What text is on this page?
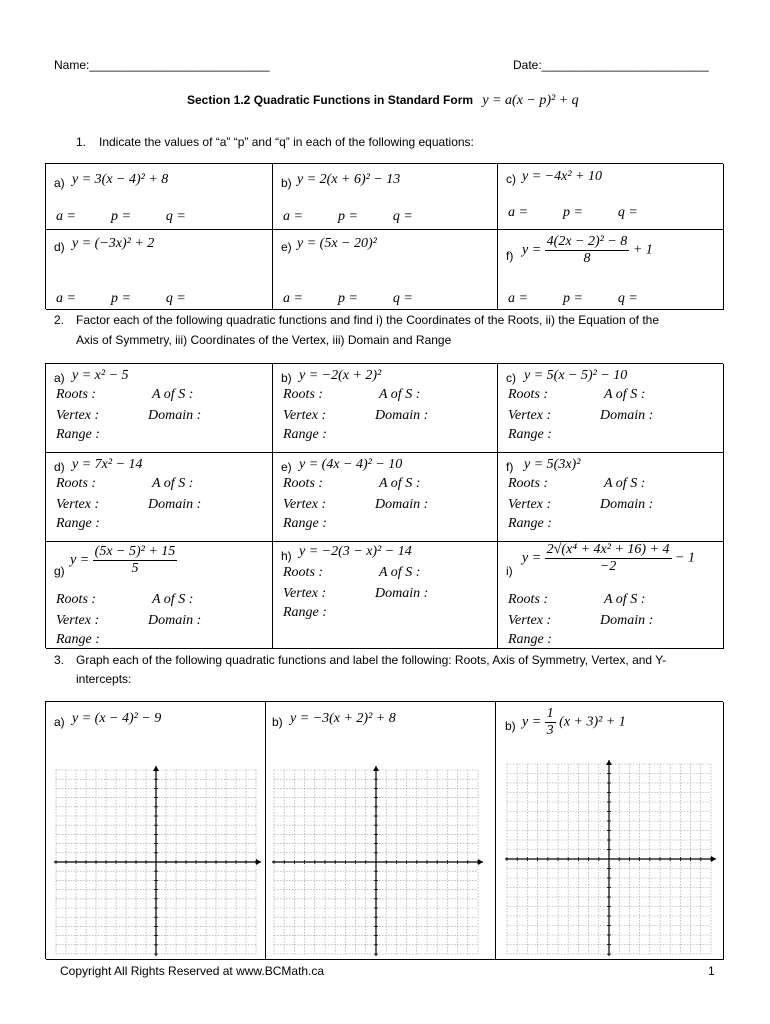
Name:___________________________	Date:_________________________
Section 1.2 Quadratic Functions in Standard Form y = a(x − p)² + q
1. Indicate the values of “a” “p” and “q” in each of the following equations:
a) y = 3(x − 4)² + 8
a =          p =          q =
b) y = 2(x + 6)² − 13
a =          p =          q =
c) y = −4x² + 10
a =          p =          q =
d) y = (−3x)² + 2
a =          p =          q =
e) y = (5x − 20)²
a =          p =          q =
f) $y = \frac{\text{4(2x − 2)² − 8}}{8} + 1$
a =          p =          q =
2. Factor each of the following quadratic functions and find i) the Coordinates of the Roots, ii) the Equation of the
Axis of Symmetry, iii) Coordinates of the Vertex, iii) Domain and Range
a) y = x² − 5
Roots :	A of S :
Vertex :	Domain :
Range :
b) y = −2(x + 2)²
Roots :	A of S :
Vertex :	Domain :
Range :
c) y = 5(x − 5)² − 10
Roots :	A of S :
Vertex :	Domain :
Range :
d) y = 7x² − 14
Roots :	A of S :
Vertex :	Domain :
Range :
e) y = (4x − 4)² − 10
Roots :	A of S :
Vertex :	Domain :
Range :
f) y = 5(3x)²
Roots :	A of S :
Vertex :	Domain :
Range :
g)
$y = \frac{\text{(5x − 5)² + 15}}{5}$
Roots :	A of S :
Vertex :	Domain :
Range :
h) y = −2(3 − x)² − 14
Roots :	A of S :
Vertex :	Domain :
Range :
i)
$y = \frac{\text{2√(x⁴ + 4x² + 16) + 4}}{-2} - 1$
Roots :	A of S :
Vertex :	Domain :
Range :
3. Graph each of the following quadratic functions and label the following: Roots, Axis of Symmetry, Vertex, and Y-
intercepts:
a) y = (x − 4)² − 9	b) y = −3(x + 2)² + 8	b) $y = \frac{1}{3} (x + 3)^2 + 1$
Copyright All Rights Reserved at www.BCMath.ca	1
